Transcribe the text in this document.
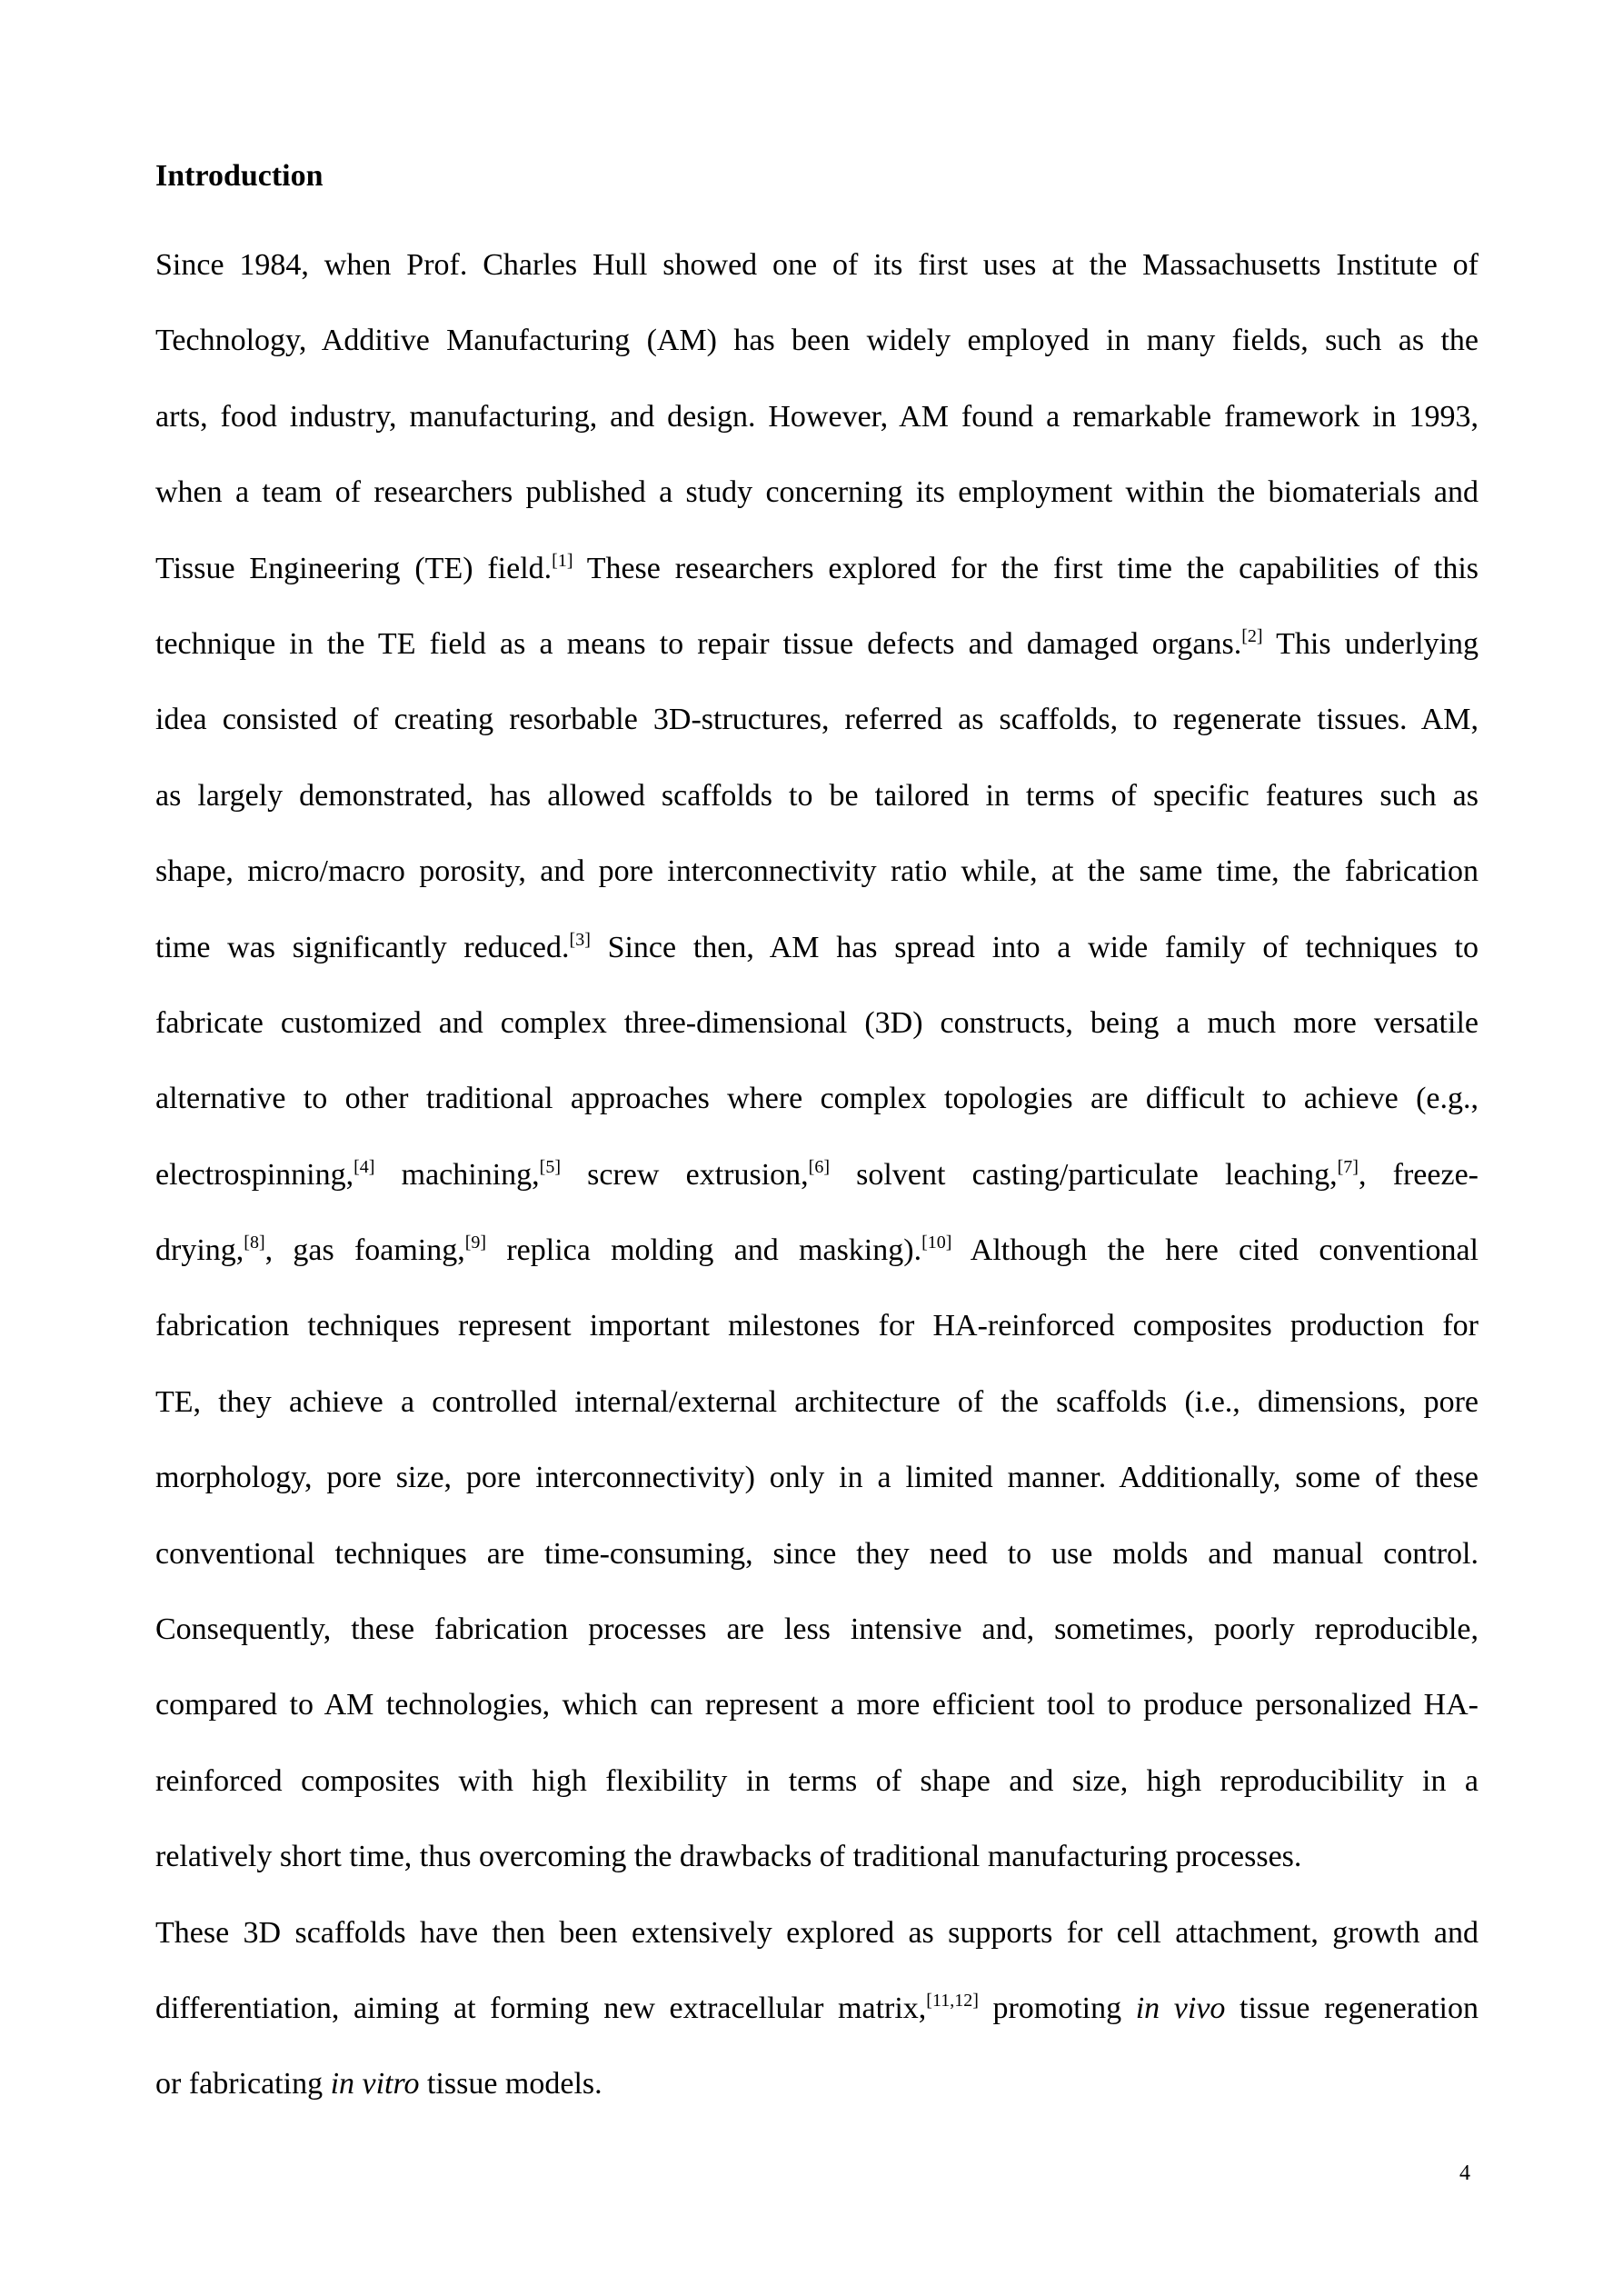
Introduction
Since 1984, when Prof. Charles Hull showed one of its first uses at the Massachusetts Institute of
Technology, Additive Manufacturing (AM) has been widely employed in many fields, such as the
arts, food industry, manufacturing, and design. However, AM found a remarkable framework in 1993,
when a team of researchers published a study concerning its employment within the biomaterials and
Tissue Engineering (TE) field.[1] These researchers explored for the first time the capabilities of this
technique in the TE field as a means to repair tissue defects and damaged organs.[2] This underlying
idea consisted of creating resorbable 3D-structures, referred as scaffolds, to regenerate tissues. AM,
as largely demonstrated, has allowed scaffolds to be tailored in terms of specific features such as
shape, micro/macro porosity, and pore interconnectivity ratio while, at the same time, the fabrication
time was significantly reduced.[3] Since then, AM has spread into a wide family of techniques to
fabricate customized and complex three-dimensional (3D) constructs, being a much more versatile
alternative to other traditional approaches where complex topologies are difficult to achieve (e.g.,
electrospinning,[4] machining,[5] screw extrusion,[6] solvent casting/particulate leaching,[7], freeze-
drying,[8], gas foaming,[9] replica molding and masking).[10] Although the here cited conventional
fabrication techniques represent important milestones for HA-reinforced composites production for
TE, they achieve a controlled internal/external architecture of the scaffolds (i.e., dimensions, pore
morphology, pore size, pore interconnectivity) only in a limited manner. Additionally, some of these
conventional techniques are time-consuming, since they need to use molds and manual control.
Consequently, these fabrication processes are less intensive and, sometimes, poorly reproducible,
compared to AM technologies, which can represent a more efficient tool to produce personalized HA-
reinforced composites with high flexibility in terms of shape and size, high reproducibility in a
relatively short time, thus overcoming the drawbacks of traditional manufacturing processes.
These 3D scaffolds have then been extensively explored as supports for cell attachment, growth and
differentiation, aiming at forming new extracellular matrix,[11,12] promoting in vivo tissue regeneration
or fabricating in vitro tissue models.
4
